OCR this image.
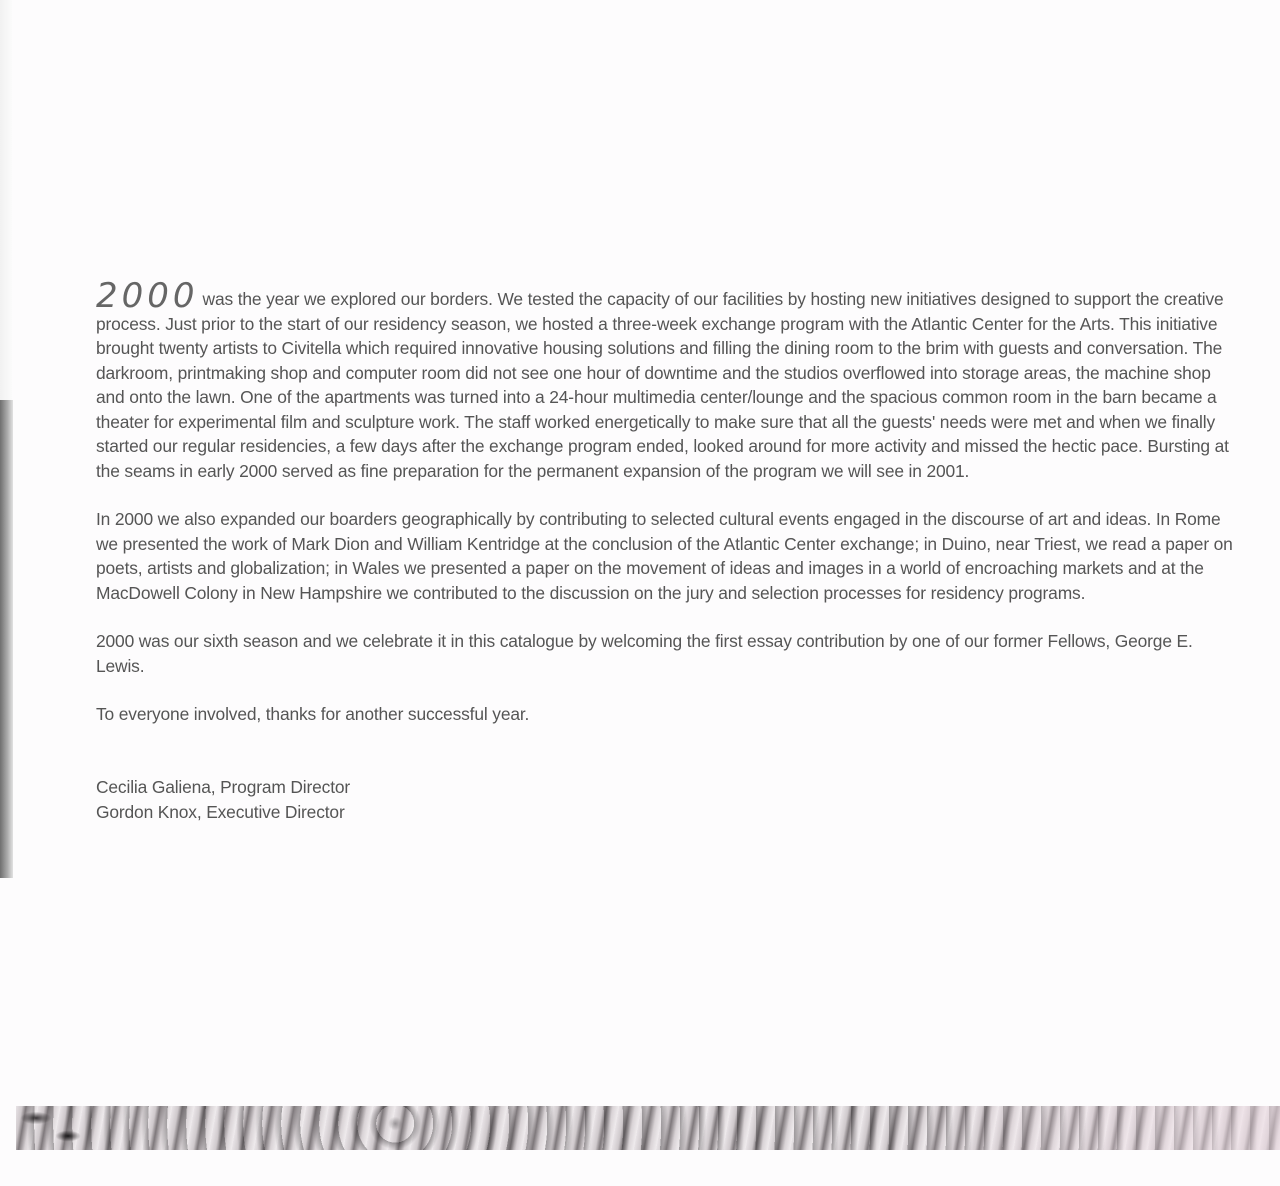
2000 was the year we explored our borders. We tested the capacity of our facilities by hosting new initiatives designed to support the creative process. Just prior to the start of our residency season, we hosted a three-week exchange program with the Atlantic Center for the Arts. This initiative brought twenty artists to Civitella which required innovative housing solutions and filling the dining room to the brim with guests and conversation. The darkroom, printmaking shop and computer room did not see one hour of downtime and the studios overflowed into storage areas, the machine shop and onto the lawn. One of the apartments was turned into a 24-hour multimedia center/lounge and the spacious common room in the barn became a theater for experimental film and sculpture work. The staff worked energetically to make sure that all the guests' needs were met and when we finally started our regular residencies, a few days after the exchange program ended, looked around for more activity and missed the hectic pace. Bursting at the seams in early 2000 served as fine preparation for the permanent expansion of the program we will see in 2001.

In 2000 we also expanded our boarders geographically by contributing to selected cultural events engaged in the discourse of art and ideas. In Rome we presented the work of Mark Dion and William Kentridge at the conclusion of the Atlantic Center exchange; in Duino, near Triest, we read a paper on poets, artists and globalization; in Wales we presented a paper on the movement of ideas and images in a world of encroaching markets and at the MacDowell Colony in New Hampshire we contributed to the discussion on the jury and selection processes for residency programs.

2000 was our sixth season and we celebrate it in this catalogue by welcoming the first essay contribution by one of our former Fellows, George E. Lewis.

To everyone involved, thanks for another successful year.

Cecilia Galiena, Program Director
Gordon Knox, Executive Director
